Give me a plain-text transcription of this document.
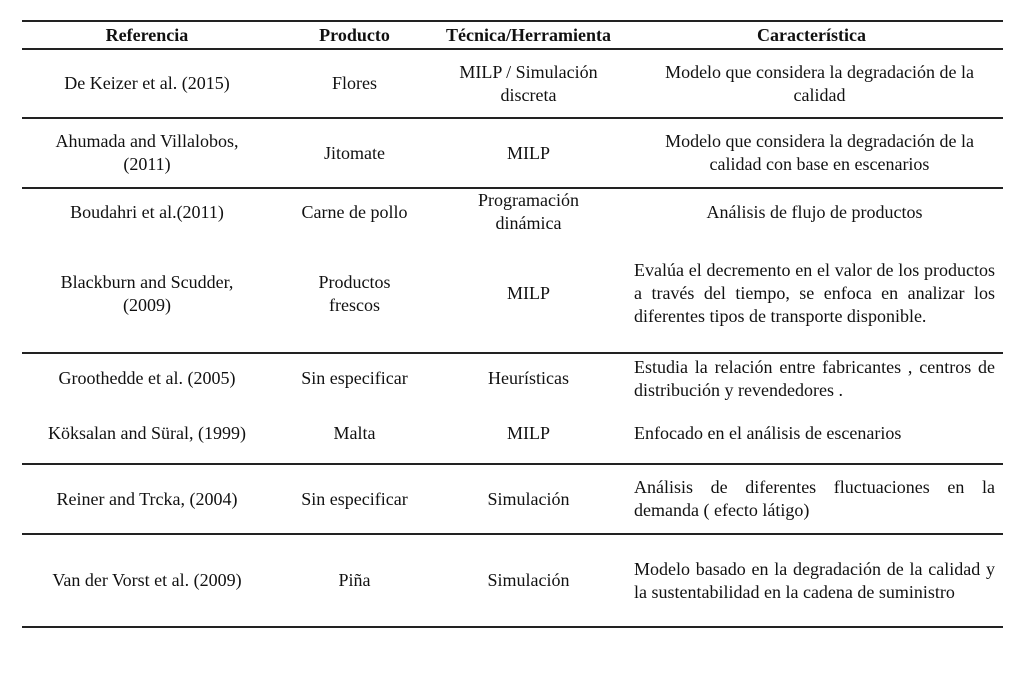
Referencia	Producto	Técnica/Herramienta	Característica
De Keizer et al. (2015)	Flores	MILP / Simulación discreta	Modelo que considera la degradación de la calidad
Ahumada and Villalobos, (2011)	Jitomate	MILP	Modelo que considera la degradación de la calidad con base en escenarios
Boudahri et al.(2011)	Carne de pollo	Programación dinámica	Análisis de flujo de productos
Blackburn and Scudder, (2009)	Productos frescos	MILP	Evalúa el decremento en el valor de los productos a través del tiempo, se enfoca en analizar los diferentes tipos de transporte disponible.
Groothedde et al. (2005)	Sin especificar	Heurísticas	Estudia la relación entre fabricantes , centros de distribución y revendedores .
Köksalan and Süral, (1999)	Malta	MILP	Enfocado en el análisis de escenarios
Reiner and Trcka, (2004)	Sin especificar	Simulación	Análisis de diferentes fluctuaciones en la demanda ( efecto látigo)
Van der Vorst et al. (2009)	Piña	Simulación	Modelo basado en la degradación de la calidad y la sustentabilidad en la cadena de suministro
